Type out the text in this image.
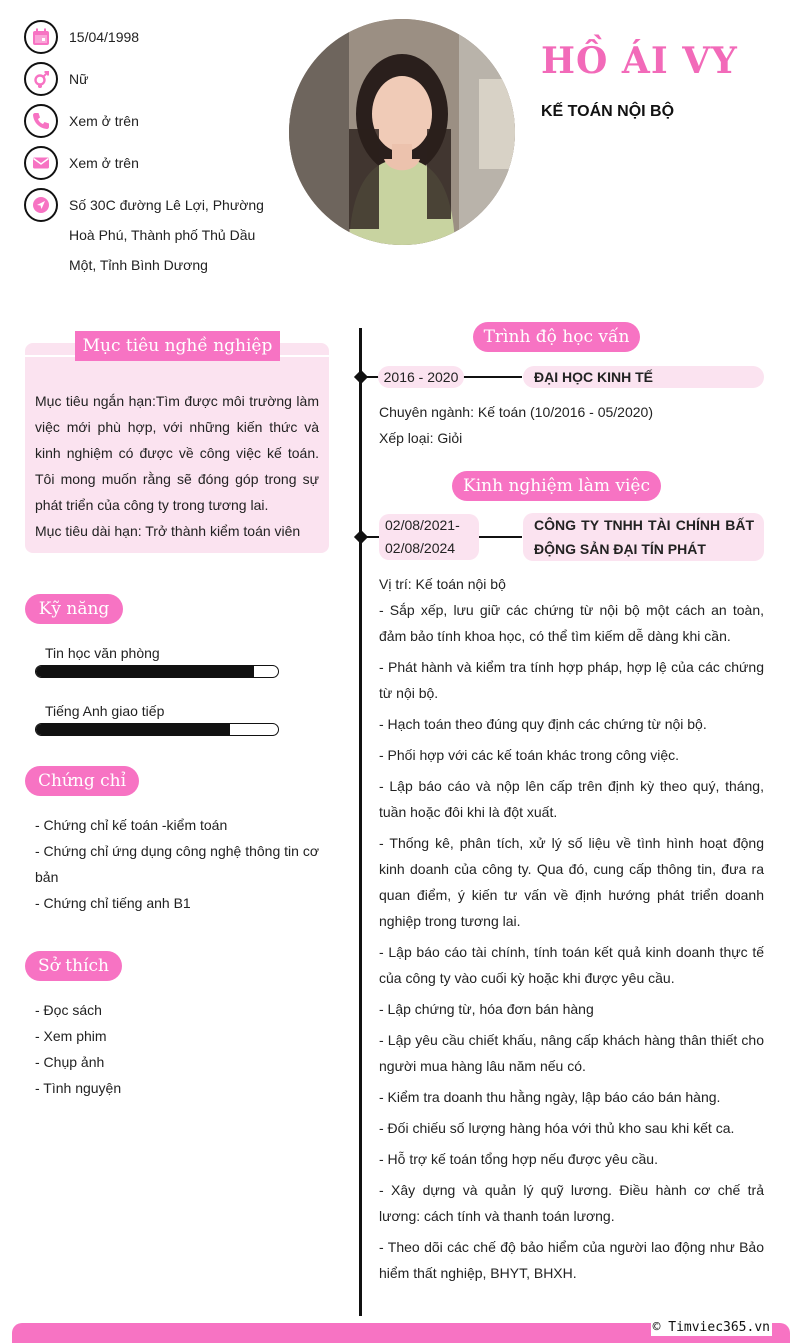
15/04/1998
Nữ
Xem ở trên
Xem ở trên
Số 30C đường Lê Lợi, Phường
Hoà Phú, Thành phố Thủ Dầu
Một, Tỉnh Bình Dương
HỒ ÁI VY
KẾ TOÁN NỘI BỘ
Mục tiêu nghề nghiệp
Mục tiêu ngắn hạn:Tìm được môi trường làm việc mới phù hợp, với những kiến thức và kinh nghiệm có được về công việc kế toán. Tôi mong muốn rằng sẽ đóng góp trong sự phát triển của công ty trong tương lai.
Mục tiêu dài hạn: Trở thành kiểm toán viên
Kỹ năng
Tin học văn phòng
Tiếng Anh giao tiếp
Chứng chỉ
- Chứng chỉ kế toán -kiểm toán
- Chứng chỉ ứng dụng công nghệ thông tin cơ bản
- Chứng chỉ tiếng anh B1
Sở thích
- Đọc sách
- Xem phim
- Chụp ảnh
- Tình nguyện
Trình độ học vấn
2016 - 2020	ĐẠI HỌC KINH TẾ
Chuyên ngành: Kế toán (10/2016 - 05/2020)
Xếp loại: Giỏi
Kinh nghiệm làm việc
02/08/2021-
02/08/2024
CÔNG TY TNHH TÀI CHÍNH BẤT ĐỘNG SẢN ĐẠI TÍN PHÁT
Vị trí: Kế toán nội bộ
- Sắp xếp, lưu giữ các chứng từ nội bộ một cách an toàn, đảm bảo tính khoa học, có thể tìm kiếm dễ dàng khi cần.
- Phát hành và kiểm tra tính hợp pháp, hợp lệ của các chứng từ nội bộ.
- Hạch toán theo đúng quy định các chứng từ nội bộ.
- Phối hợp với các kế toán khác trong công việc.
- Lập báo cáo và nộp lên cấp trên định kỳ theo quý, tháng, tuần hoặc đôi khi là đột xuất.
- Thống kê, phân tích, xử lý số liệu về tình hình hoạt động kinh doanh của công ty. Qua đó, cung cấp thông tin, đưa ra quan điểm, ý kiến tư vấn về định hướng phát triển doanh nghiệp trong tương lai.
- Lập báo cáo tài chính, tính toán kết quả kinh doanh thực tế của công ty vào cuối kỳ hoặc khi được yêu cầu.
- Lập chứng từ, hóa đơn bán hàng
- Lập yêu cầu chiết khấu, nâng cấp khách hàng thân thiết cho người mua hàng lâu năm nếu có.
- Kiểm tra doanh thu hằng ngày, lập báo cáo bán hàng.
- Đối chiếu số lượng hàng hóa với thủ kho sau khi kết ca.
- Hỗ trợ kế toán tổng hợp nếu được yêu cầu.
- Xây dựng và quản lý quỹ lương. Điều hành cơ chế trả lương: cách tính và thanh toán lương.
- Theo dõi các chế độ bảo hiểm của người lao động như Bảo hiểm thất nghiệp, BHYT, BHXH.
© Timviec365.vn
